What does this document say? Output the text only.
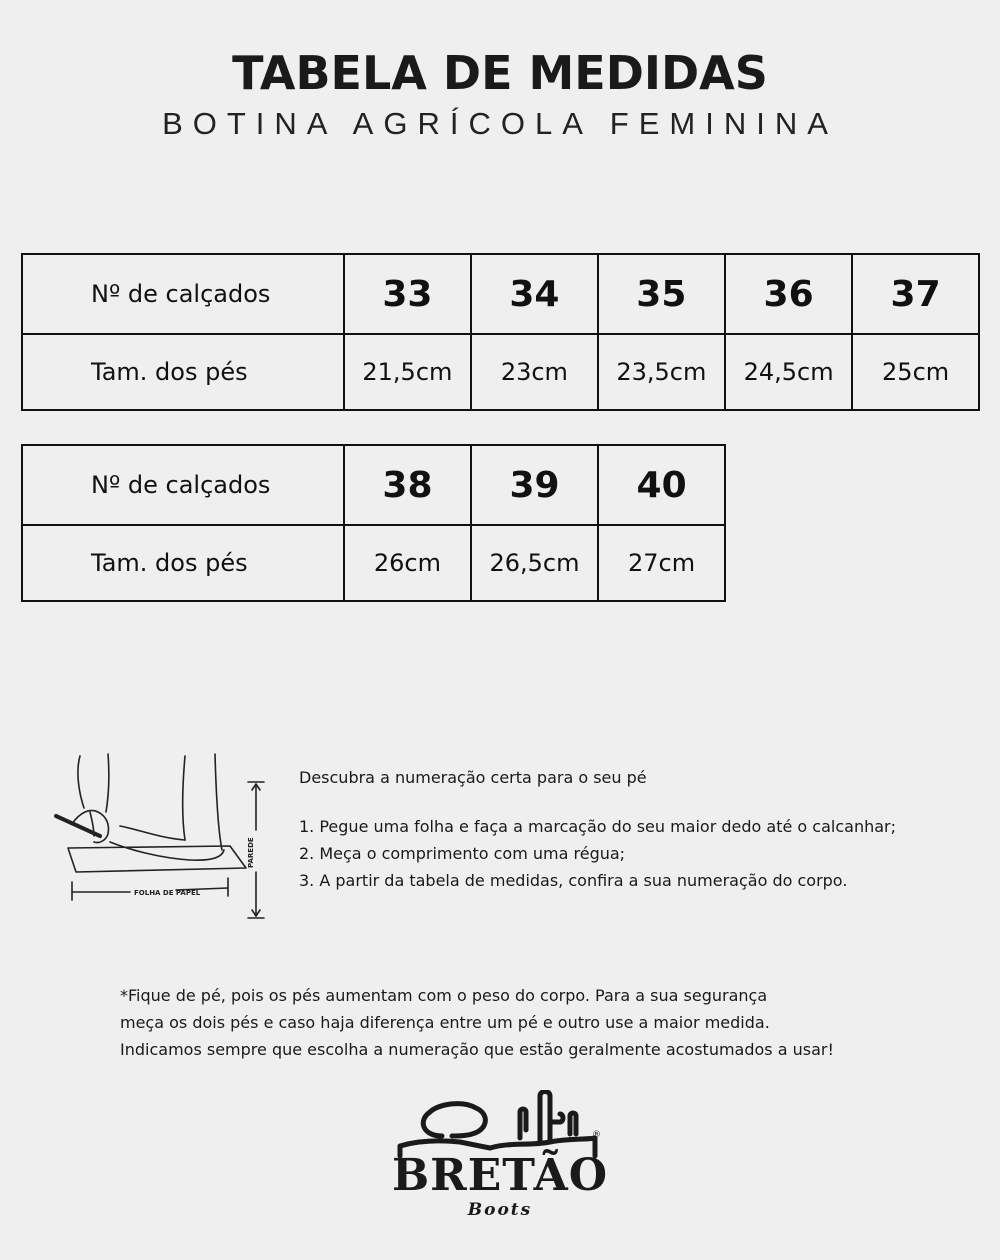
TABELA DE MEDIDAS
BOTINA AGRÍCOLA FEMININA
Nº de calçados	33	34	35	36	37
Tam. dos pés	21,5cm	23cm	23,5cm	24,5cm	25cm
Nº de calçados	38	39	40
Tam. dos pés	26cm	26,5cm	27cm
FOLHA DE PAPEL
PAREDE

Descubra a numeração certa para o seu pé

1. Pegue uma folha e faça a marcação do seu maior dedo até o calcanhar;
2. Meça o comprimento com uma régua;
3. A partir da tabela de medidas, confira a sua numeração do corpo.

*Fique de pé, pois os pés aumentam com o peso do corpo. Para a sua segurança

meça os dois pés e caso haja diferença entre um pé e outro use a maior medida.

Indicamos sempre que escolha a numeração que estão geralmente acostumados a usar!

®
BRETÃO
Boots
